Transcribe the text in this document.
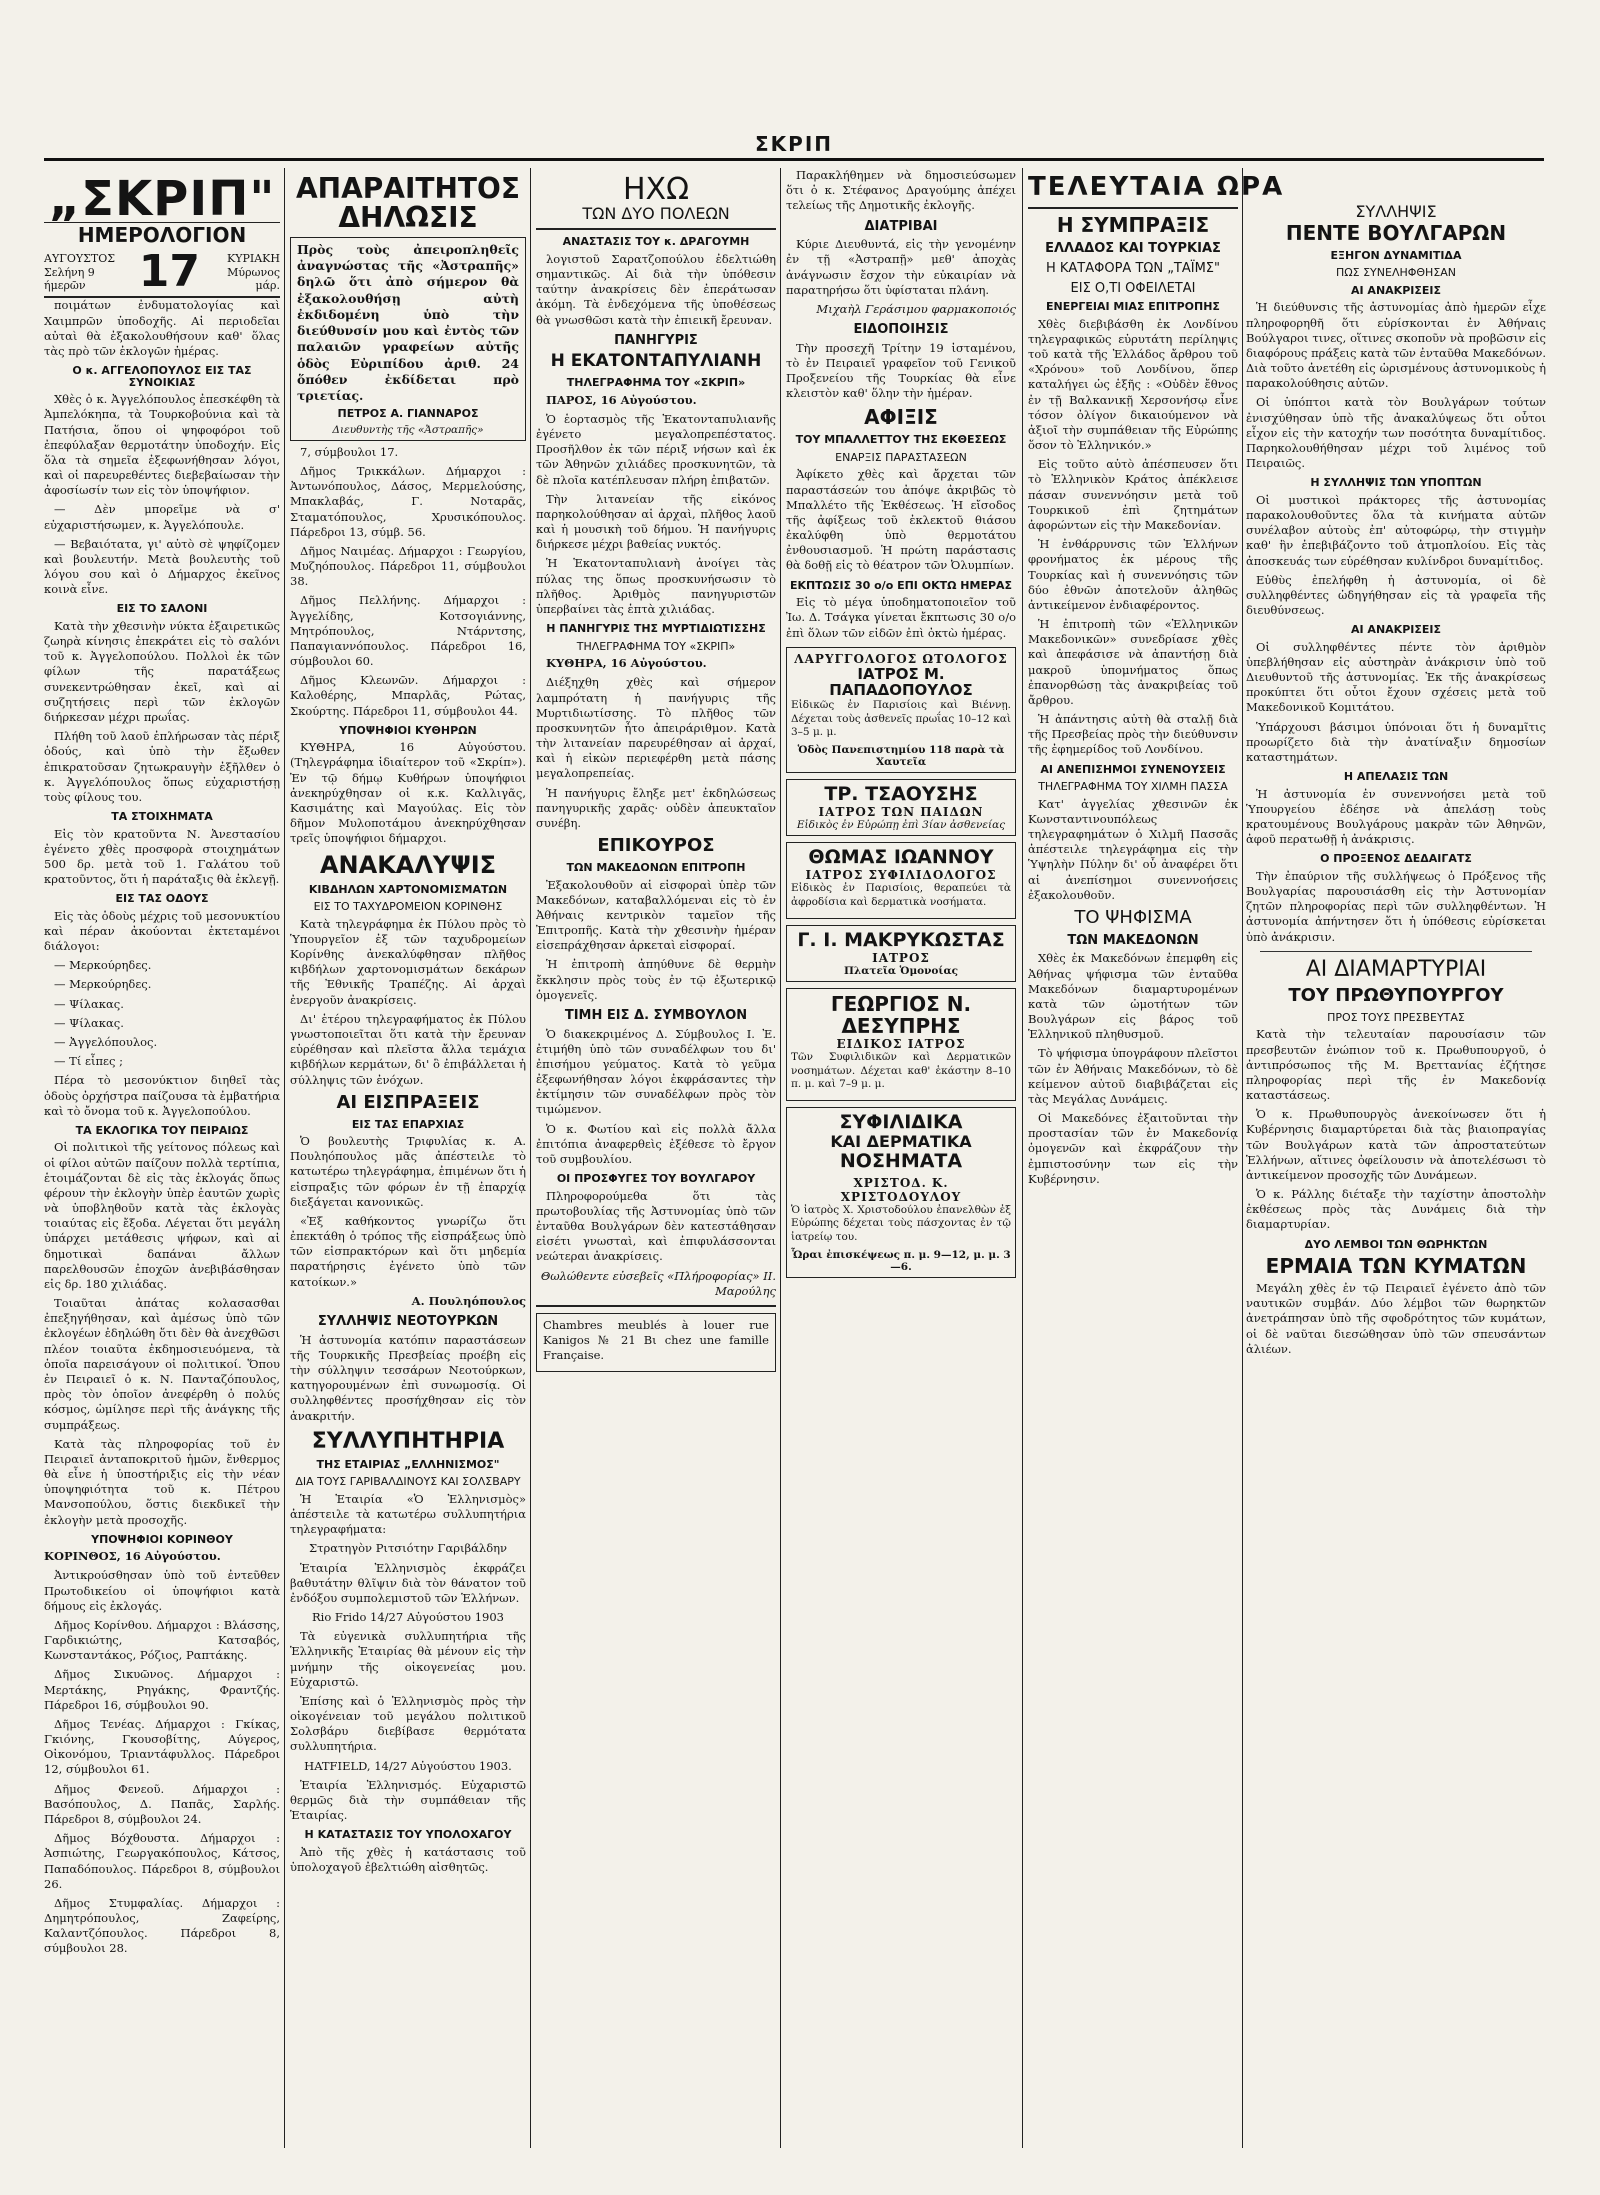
ΣΚΡΙΠ
„ΣΚΡΙΠ"
ΗΜΕΡΟΛΟΓΙΟΝ
ΑΥΓΟΥΣΤΟΣ
Σελήνη 9 ήμερῶν	17	ΚΥΡΙΑΚΗ
Μύρωνος μάρ.

ποιμάτων ἐνδυματολογίας καὶ Χαιμπρῶν ὑποδοχῆς. Αἱ περιοδεῖαι αὐταὶ θὰ ἐξακολουθήσουν καθ' ὅλας τὰς πρὸ τῶν ἐκλογῶν ἡμέρας.

Ο κ. ΑΓΓΕΛΟΠΟΥΛΟΣ ΕΙΣ ΤΑΣ ΣΥΝΟΙΚΙΑΣ

Χθὲς ὁ κ. Ἀγγελόπουλος ἐπεσκέφθη τὰ Ἀμπελόκηπα, τὰ Τουρκοβούνια καὶ τὰ Πατήσια, ὅπου οἱ ψηφοφόροι τοῦ ἐπεφύλαξαν θερμοτάτην ὑποδοχήν. Εἰς ὅλα τὰ σημεῖα ἐξεφωνήθησαν λόγοι, καὶ οἱ παρευρεθέντες διεβεβαίωσαν τὴν ἀφοσίωσίν των εἰς τὸν ὑποψήφιον.

— Δὲν μπορεῖμε νὰ σ' εὐχαριστήσωμεν, κ. Ἀγγελόπουλε.

— Βεβαιότατα, γι' αὐτὸ σὲ ψηφίζομεν καὶ βουλευτήν. Μετὰ βουλευτὴς τοῦ λόγου σου καὶ ὁ Δήμαρχος ἐκεῖνος κοινὰ εἶνε.

ΕΙΣ ΤΟ ΣΑΛΟΝΙ

Κατὰ τὴν χθεσινὴν νύκτα ἐξαιρετικῶς ζωηρὰ κίνησις ἐπεκράτει εἰς τὸ σαλόνι τοῦ κ. Ἀγγελοπούλου. Πολλοὶ ἐκ τῶν φίλων τῆς παρατάξεως συνεκεντρώθησαν ἐκεῖ, καὶ αἱ συζητήσεις περὶ τῶν ἐκλογῶν διήρκεσαν μέχρι πρωΐας.

Πλήθη τοῦ λαοῦ ἐπλήρωσαν τὰς πέριξ ὁδούς, καὶ ὑπὸ τὴν ἔξωθεν ἐπικρατοῦσαν ζητωκραυγὴν ἐξῆλθεν ὁ κ. Ἀγγελόπουλος ὅπως εὐχαριστήσῃ τοὺς φίλους του.

ΤΑ ΣΤΟΙΧΗΜΑΤΑ

Εἰς τὸν κρατοῦντα Ν. Ἀνεστασίου ἐγένετο χθὲς προσφορὰ στοιχημάτων 500 δρ. μετὰ τοῦ 1. Γαλάτου τοῦ κρατοῦντος, ὅτι ἡ παράταξις θὰ ἐκλεγῇ.

ΕΙΣ ΤΑΣ ΟΔΟΥΣ

Εἰς τὰς ὁδοὺς μέχρις τοῦ μεσονυκτίου καὶ πέραν ἀκούονται ἐκτεταμένοι διάλογοι:

— Μερκούρηδες.

— Μερκούρηδες.

— Ψίλακας.

— Ψίλακας.

— Ἀγγελόπουλος.

— Τί εἶπες ;

Πέρα τὸ μεσονύκτιον διηθεῖ τὰς ὁδοὺς ὀρχήστρα παίζουσα τὰ ἐμβατήρια καὶ τὸ ὄνομα τοῦ κ. Ἀγγελοπούλου.

ΤΑ ΕΚΛΟΓΙΚΑ ΤΟΥ ΠΕΙΡΑΙΩΣ

Οἱ πολιτικοὶ τῆς γείτονος πόλεως καὶ οἱ φίλοι αὐτῶν παίζουν πολλὰ τερτίπια, ἑτοιμάζονται δὲ εἰς τὰς ἐκλογάς ὅπως φέρουν τὴν ἐκλογὴν ὑπὲρ ἑαυτῶν χωρὶς νὰ ὑποβληθοῦν κατὰ τὰς ἐκλογὰς τοιαύτας εἰς ἔξοδα. Λέγεται ὅτι μεγάλη ὑπάρχει μετάθεσις ψήφων, καὶ αἱ δημοτικαὶ δαπάναι ἄλλων παρελθουσῶν ἐποχῶν ἀνεβιβάσθησαν εἰς δρ. 180 χιλιάδας.

Τοιαῦται ἀπάτας κολασασθαι ἐπεξηγήθησαν, καὶ ἀμέσως ὑπὸ τῶν ἐκλογέων ἐδηλώθη ὅτι δὲν θὰ ἀνεχθῶσι πλέον τοιαῦτα ἐκδημοσιευόμενα, τὰ ὁποῖα παρεισάγουν οἱ πολιτικοί. Ὅπου ἐν Πειραιεῖ ὁ κ. Ν. Πανταζόπουλος, πρὸς τὸν ὁποῖον ἀνεφέρθη ὁ πολύς κόσμος, ὡμίλησε περὶ τῆς ἀνάγκης τῆς συμπράξεως.

Κατὰ τὰς πληροφορίας τοῦ ἐν Πειραιεῖ ἀνταποκριτοῦ ἡμῶν, ἔνθερμος θὰ εἶνε ἡ ὑποστήριξις εἰς τὴν νέαν ὑποψηφιότητα τοῦ κ. Πέτρου Μανσοπούλου, ὅστις διεκδικεῖ τὴν ἐκλογὴν μετὰ προσοχῆς.

ΥΠΟΨΗΦΙΟΙ ΚΟΡΙΝΘΟΥ

ΚΟΡΙΝΘΟΣ, 16 Αὐγούστου.

Ἀντικρούσθησαν ὑπὸ τοῦ ἐντεῦθεν Πρωτοδικείου οἱ ὑποψήφιοι κατὰ δήμους εἰς ἐκλογάς.

Δῆμος Κορίνθου. Δήμαρχοι : Βλάσσης, Γαρδικιώτης, Κατσαβός, Κωνσταντάκος, Ρόζιος, Ραπτάκης.

Δῆμος Σικυῶνος. Δήμαρχοι : Μερτάκης, Ρηγάκης, Φραντζής. Πάρεδροι 16, σύμβουλοι 90.

Δῆμος Τενέας. Δήμαρχοι : Γκίκας, Γκιόνης, Γκουσοβίτης, Αύγερος, Οἰκονόμου, Τριαντάφυλλος. Πάρεδροι 12, σύμβουλοι 61.

Δῆμος Φενεοῦ. Δήμαρχοι : Βασόπουλος, Δ. Παπᾶς, Σαρλής. Πάρεδροι 8, σύμβουλοι 24.

Δῆμος Βόχθουστα. Δήμαρχοι : Ἀσπιώτης, Γεωργακόπουλος, Κάτσος, Παπαδόπουλος. Πάρεδροι 8, σύμβουλοι 26.

Δῆμος Στυμφαλίας. Δήμαρχοι : Δημητρόπουλος, Ζαφείρης, Καλαντζόπουλος. Πάρεδροι 8, σύμβουλοι 28.

ΑΠΑΡΑΙΤΗΤΟΣ ΔΗΛΩΣΙΣ
Πρὸς τοὺς ἀπειροπληθεῖς ἀναγνώστας τῆς «Ἀστραπῆς» δηλῶ ὅτι ἀπὸ σήμερον θὰ ἐξακολουθήσῃ αὐτὴ ἐκδιδομένη ὑπὸ τὴν διεύθυνσίν μου καὶ ἐντὸς τῶν παλαιῶν γραφείων αὐτῆς ὁδὸς Εὐριπίδου ἀριθ. 24 ὅπόθεν ἐκδίδεται πρὸ τριετίας.
ΠΕΤΡΟΣ Α. ΓΙΑΝΝΑΡΟΣ
Διευθυντὴς τῆς «Ἀστραπῆς»

7, σύμβουλοι 17.

Δῆμος Τρικκάλων. Δήμαρχοι : Ἀντωνόπουλος, Δάσος, Μερμελούσης, Μπακλαβάς, Γ. Νοταρᾶς, Σταματόπουλος, Χρυσικόπουλος. Πάρεδροι 13, σύμβ. 56.

Δῆμος Ναιμέας. Δήμαρχοι : Γεωργίου, Μυζηόπουλος. Πάρεδροι 11, σύμβουλοι 38.

Δῆμος Πελλήνης. Δήμαρχοι : Ἀγγελίδης, Κοτσογιάννης, Μητρόπουλος, Ντάρντσης, Παπαγιαννόπουλος. Πάρεδροι 16, σύμβουλοι 60.

Δῆμος Κλεωνῶν. Δήμαρχοι : Καλοθέρης, Μπαρλᾶς, Ρώτας, Σκούρτης. Πάρεδροι 11, σύμβουλοι 44.

ΥΠΟΨΗΦΙΟΙ ΚΥΘΗΡΩΝ

ΚΥΘΗΡΑ, 16 Αὐγούστου. (Τηλεγράφημα ἰδιαίτερον τοῦ «Σκρίπ»). Ἐν τῷ δήμῳ Κυθήρων ὑποψήφιοι ἀνεκηρύχθησαν οἱ κ.κ. Καλλιγᾶς, Κασιμάτης καὶ Μαγούλας. Εἰς τὸν δῆμον Μυλοποτάμου ἀνεκηρύχθησαν τρεῖς ὑποψήφιοι δήμαρχοι.

ΑΝΑΚΑΛΥΨΙΣ
ΚΙΒΔΗΛΩΝ ΧΑΡΤΟΝΟΜΙΣΜΑΤΩΝ
ΕΙΣ ΤΟ ΤΑΧΥΔΡΟΜΕΙΟΝ ΚΟΡΙΝΘΗΣ

Κατὰ τηλεγράφημα ἐκ Πύλου πρὸς τὸ Ὑπουργεῖον ἐξ τῶν ταχυδρομείων Κορίνθης ἀνεκαλύφθησαν πλῆθος κιβδήλων χαρτονομισμάτων δεκάρων τῆς Ἐθνικῆς Τραπέζης. Αἱ ἀρχαὶ ἐνεργοῦν ἀνακρίσεις.

Δι' ἑτέρου τηλεγραφήματος ἐκ Πύλου γνωστοποιεῖται ὅτι κατὰ τὴν ἔρευναν εὑρέθησαν καὶ πλεῖστα ἄλλα τεμάχια κιβδήλων κερμάτων, δι' ὃ ἐπιβάλλεται ἡ σύλληψις τῶν ἐνόχων.

ΑΙ ΕΙΣΠΡΑΞΕΙΣ
ΕΙΣ ΤΑΣ ΕΠΑΡΧΙΑΣ

Ὁ βουλευτὴς Τριφυλίας κ. Α. Πουληόπουλος μᾶς ἀπέστειλε τὸ κατωτέρω τηλεγράφημα, ἐπιμένων ὅτι ἡ εἰσπραξις τῶν φόρων ἐν τῇ ἐπαρχίᾳ διεξάγεται κανονικῶς.

«Ἐξ καθήκοντος γνωρίζω ὅτι ἐπεκτάθη ὁ τρόπος τῆς εἰσπράξεως ὑπὸ τῶν εἰσπρακτόρων καὶ ὅτι μηδεμία παρατήρησις ἐγένετο ὑπὸ τῶν κατοίκων.»

Α. Πουληόπουλος

ΣΥΛΛΗΨΙΣ ΝΕΟΤΟΥΡΚΩΝ

Ἡ ἀστυνομία κατόπιν παραστάσεων τῆς Τουρκικῆς Πρεσβείας προέβη εἰς τὴν σύλληψιν τεσσάρων Νεοτούρκων, κατηγορουμένων ἐπὶ συνωμοσίᾳ. Οἱ συλληφθέντες προσήχθησαν εἰς τὸν ἀνακριτήν.

ΣΥΛΛΥΠΗΤΗΡΙΑ
ΤΗΣ ΕΤΑΙΡΙΑΣ „ΕΛΛΗΝΙΣΜΟΣ"
ΔΙΑ ΤΟΥΣ ΓΑΡΙΒΑΛΔΙΝΟΥΣ ΚΑΙ ΣΟΛΣΒΑΡΥ

Ἡ Ἑταιρία «Ὁ Ἑλληνισμὸς» ἀπέστειλε τὰ κατωτέρω συλλυπητήρια τηλεγραφήματα:

Στρατηγὸν Ριτσιότην Γαριβάλδην

Ἑταιρία Ἑλληνισμὸς ἐκφράζει βαθυτάτην θλῖψιν διὰ τὸν θάνατον τοῦ ἐνδόξου συμπολεμιστοῦ τῶν Ἑλλήνων.

Rio Frido 14/27 Αὐγούστου 1903

Τὰ εὐγενικὰ συλλυπητήρια τῆς Ἑλληνικῆς Ἑταιρίας θὰ μένουν εἰς τὴν μνήμην τῆς οἰκογενείας μου. Εὐχαριστῶ.

Ἐπίσης καὶ ὁ Ἑλληνισμὸς πρὸς τὴν οἰκογένειαν τοῦ μεγάλου πολιτικοῦ Σολσβάρυ διεβίβασε θερμότατα συλλυπητήρια.

HATFIELD, 14/27 Αὐγούστου 1903.

Ἑταιρία Ἑλληνισμός. Εὐχαριστῶ θερμῶς διὰ τὴν συμπάθειαν τῆς Ἑταιρίας.

Η ΚΑΤΑΣΤΑΣΙΣ ΤΟΥ ΥΠΟΛΟΧΑΓΟΥ

Ἀπὸ τῆς χθὲς ἡ κατάστασις τοῦ ὑπολοχαγοῦ ἐβελτιώθη αἰσθητῶς.

ΗΧΩ
ΤΩΝ ΔΥΟ ΠΟΛΕΩΝ
ΑΝΑΣΤΑΣΙΣ ΤΟΥ κ. ΔΡΑΓΟΥΜΗ

λογιστοῦ Σαρατζοπούλου ἐδελτιώθη σημαντικῶς. Αἱ διὰ τὴν ὑπόθεσιν ταύτην ἀνακρίσεις δὲν ἐπεράτωσαν ἀκόμη. Τὰ ἐνδεχόμενα τῆς ὑποθέσεως θὰ γνωσθῶσι κατὰ τὴν ἐπιεικῆ ἔρευναν.

ΠΑΝΗΓΥΡΙΣ
Η ΕΚΑΤΟΝΤΑΠΥΛΙΑΝΗ
ΤΗΛΕΓΡΑΦΗΜΑ ΤΟΥ «ΣΚΡΙΠ»

ΠΑΡΟΣ, 16 Αὐγούστου.

Ὁ ἑορτασμὸς τῆς Ἑκατονταπυλιανῆς ἐγένετο μεγαλοπρεπέστατος. Προσῆλθον ἐκ τῶν πέριξ νήσων καὶ ἐκ τῶν Ἀθηνῶν χιλιάδες προσκυνητῶν, τὰ δὲ πλοῖα κατέπλευσαν πλήρη ἐπιβατῶν.

Τὴν λιτανείαν τῆς εἰκόνος παρηκολούθησαν αἱ ἀρχαὶ, πλῆθος λαοῦ καὶ ἡ μουσικὴ τοῦ δήμου. Ἡ πανήγυρις διήρκεσε μέχρι βαθείας νυκτός.

Ἡ Ἑκατονταπυλιανὴ ἀνοίγει τὰς πύλας της ὅπως προσκυνήσωσιν τὸ πλῆθος. Ἀριθμὸς πανηγυριστῶν ὑπερβαίνει τὰς ἑπτὰ χιλιάδας.

Η ΠΑΝΗΓΥΡΙΣ ΤΗΣ ΜΥΡΤΙΔΙΩΤΙΣΣΗΣ
ΤΗΛΕΓΡΑΦΗΜΑ ΤΟΥ «ΣΚΡΙΠ»

ΚΥΘΗΡΑ, 16 Αὐγούστου.

Διέξηχθη χθὲς καὶ σήμερον λαμπρότατη ἡ πανήγυρις τῆς Μυρτιδιωτίσσης. Τὸ πλῆθος τῶν προσκυνητῶν ἦτο ἀπειράριθμον. Κατὰ τὴν λιτανείαν παρευρέθησαν αἱ ἀρχαί, καὶ ἡ εἰκὼν περιεφέρθη μετὰ πάσης μεγαλοπρεπείας.

Ἡ πανήγυρις ἔληξε μετ' ἐκδηλώσεως πανηγυρικῆς χαρᾶς· οὐδὲν ἀπευκταῖον συνέβη.

ΕΠΙΚΟΥΡΟΣ
ΤΩΝ ΜΑΚΕΔΟΝΩΝ ΕΠΙΤΡΟΠΗ

Ἐξακολουθοῦν αἱ εἰσφοραὶ ὑπὲρ τῶν Μακεδόνων, καταβαλλόμεναι εἰς τὸ ἐν Ἀθήναις κεντρικὸν ταμεῖον τῆς Ἐπιτροπῆς. Κατὰ τὴν χθεσινὴν ἡμέραν εἰσεπράχθησαν ἀρκεταὶ εἰσφοραί.

Ἡ ἐπιτροπὴ ἀπηύθυνε δὲ θερμὴν ἔκκλησιν πρὸς τοὺς ἐν τῷ ἐξωτερικῷ ὁμογενεῖς.

ΤΙΜΗ ΕΙΣ Δ. ΣΥΜΒΟΥΛΟΝ

Ὁ διακεκριμένος Δ. Σύμβουλος Ι. Ἐ. ἐτιμήθη ὑπὸ τῶν συναδέλφων του δι' ἐπισήμου γεύματος. Κατὰ τὸ γεῦμα ἐξεφωνήθησαν λόγοι ἐκφράσαντες τὴν ἐκτίμησιν τῶν συναδέλφων πρὸς τὸν τιμώμενον.

Ὁ κ. Φωτίου καὶ εἰς πολλὰ ἄλλα ἐπιτόπια ἀναφερθεὶς ἐξέθεσε τὸ ἔργον τοῦ συμβουλίου.

ΟΙ ΠΡΟΣΦΥΓΕΣ ΤΟΥ ΒΟΥΛΓΑΡΟΥ

Πληροφορούμεθα ὅτι τὰς πρωτοβουλίας τῆς Ἀστυνομίας ὑπὸ τῶν ἐνταῦθα Βουλγάρων δὲν κατεστάθησαν εἰσέτι γνωσταὶ, καὶ ἐπιφυλάσσονται νεώτεραι ἀνακρίσεις.

Θωλώθεντε εὐσεβεῖς «Πλήροφορίας» ΙΙ. Μαρούλης

Chambres meublés à louer rue Kanigos № 21 Bι chez une famille Française.

Παρακλήθημεν νὰ δημοσιεύσωμεν ὅτι ὁ κ. Στέφανος Δραγούμης ἀπέχει τελείως τῆς Δημοτικῆς ἐκλογῆς.

ΔΙΑΤΡΙΒΑΙ

Κύριε Διευθυντά, εἰς τὴν γενομένην ἐν τῇ «Ἀστραπῇ» μεθ' ἀποχὰς ἀνάγνωσιν ἔσχον τὴν εὐκαιρίαν νὰ παρατηρήσω ὅτι ὑφίσταται πλάνη.

Μιχαὴλ Γεράσιμου φαρμακοποιός

ΕΙΔΟΠΟΙΗΣΙΣ

Τὴν προσεχῆ Τρίτην 19 ἰσταμένου, τὸ ἐν Πειραιεῖ γραφεῖον τοῦ Γενικοῦ Προξενείου τῆς Τουρκίας θὰ εἶνε κλειστὸν καθ' ὅλην τὴν ἡμέραν.

ΑΦΙΞΙΣ
ΤΟΥ ΜΠΑΛΛΕΤΤΟΥ ΤΗΣ ΕΚΘΕΣΕΩΣ
ΕΝΑΡΞΙΣ ΠΑΡΑΣΤΑΣΕΩΝ

Ἀφίκετο χθὲς καὶ ἄρχεται τῶν παραστάσεών του ἀπόψε ἀκριβῶς τὸ Μπαλλέτο τῆς Ἐκθέσεως. Ἡ εἴσοδος τῆς ἀφίξεως τοῦ ἐκλεκτοῦ θιάσου ἐκαλύφθη ὑπὸ θερμοτάτου ἐνθουσιασμοῦ. Ἡ πρώτη παράστασις θὰ δοθῇ εἰς τὸ θέατρον τῶν Ὀλυμπίων.

ΕΚΠΤΩΣΙΣ 30 ο/ο ΕΠΙ ΟΚΤΩ ΗΜΕΡΑΣ

Εἰς τὸ μέγα ὑποδηματοποιεῖον τοῦ Ἰω. Δ. Τσάγκα γίνεται ἔκπτωσις 30 ο/ο ἐπὶ ὅλων τῶν εἰδῶν ἐπὶ ὀκτὼ ἡμέρας.

ΛΑΡΥΓΓΟΛΟΓΟΣ ΩΤΟΛΟΓΟΣ
ΙΑΤΡΟΣ Μ. ΠΑΠΑΔΟΠΟΥΛΟΣ

Εἰδικῶς ἐν Παρισίοις καὶ Βιέννῃ. Δέχεται τοὺς ἀσθενεῖς πρωΐας 10–12 καὶ 3–5 μ. μ.

Ὁδὸς Πανεπιστημίου 118 παρὰ τὰ Χαυτεῖα
ΤΡ. ΤΣΑΟΥΣΗΣ
ΙΑΤΡΟΣ ΤΩΝ ΠΑΙΔΩΝ
Εἰδικὸς ἐν Εὐρώπῃ ἐπὶ 3ίαν ἀσθενείας
ΘΩΜΑΣ ΙΩΑΝΝΟΥ
ΙΑΤΡΟΣ ΣΥΦΙΛΙΔΟΛΟΓΟΣ

Εἰδικὸς ἐν Παρισίοις, θεραπεύει τὰ ἀφροδίσια καὶ δερματικὰ νοσήματα.

Γ. Ι. ΜΑΚΡΥΚΩΣΤΑΣ
ΙΑΤΡΟΣ
Πλατεῖα Ὁμονοίας
ΓΕΩΡΓΙΟΣ Ν. ΔΕΣΥΠΡΗΣ
ΕΙΔΙΚΟΣ ΙΑΤΡΟΣ

Τῶν Συφιλιδικῶν καὶ Δερματικῶν νοσημάτων. Δέχεται καθ' ἑκάστην 8–10 π. μ. καὶ 7–9 μ. μ.

ΣΥΦΙΛΙΔΙΚΑ
ΚΑΙ ΔΕΡΜΑΤΙΚΑ
ΝΟΣΗΜΑΤΑ
ΧΡΙΣΤΟΔ. Κ. ΧΡΙΣΤΟΔΟΥΛΟΥ

Ὁ ἰατρὸς Χ. Χριστοδούλου ἐπανελθὼν ἐξ Εὐρώπης δέχεται τοὺς πάσχοντας ἐν τῷ ἰατρείῳ του.

Ὧραι ἐπισκέψεως π. μ. 9—12, μ. μ. 3—6.
ΤΕΛΕΥΤΑΙΑ ΩΡΑ
Η ΣΥΜΠΡΑΞΙΣ
ΕΛΛΑΔΟΣ ΚΑΙ ΤΟΥΡΚΙΑΣ
Η ΚΑΤΑΦΟΡΑ ΤΩΝ „ΤΑΪΜΣ"
ΕΙΣ Ο,ΤΙ ΟΦΕΙΛΕΤΑΙ
ΕΝΕΡΓΕΙΑΙ ΜΙΑΣ ΕΠΙΤΡΟΠΗΣ

Χθὲς διεβιβάσθη ἐκ Λονδίνου τηλεγραφικῶς εὐρυτάτη περίληψις τοῦ κατὰ τῆς Ἑλλάδος ἄρθρου τοῦ «Χρόνου» τοῦ Λονδίνου, ὅπερ καταλήγει ὡς ἑξῆς : «Οὐδὲν ἔθνος ἐν τῇ Βαλκανικῇ Χερσονήσῳ εἶνε τόσον ὀλίγον δικαιούμενον νὰ ἀξιοῖ τὴν συμπάθειαν τῆς Εὐρώπης ὅσον τὸ Ἑλληνικόν.»

Εἰς τοῦτο αὐτὸ ἀπέσπευσεν ὅτι τὸ Ἑλληνικὸν Κράτος ἀπέκλεισε πάσαν συνεννόησιν μετὰ τοῦ Τουρκικοῦ ἐπὶ ζητημάτων ἀφορώντων εἰς τὴν Μακεδονίαν.

Ἡ ἐνθάρρυνσις τῶν Ἑλλήνων φρονήματος ἐκ μέρους τῆς Τουρκίας καὶ ἡ συνεννόησις τῶν δύο ἐθνῶν ἀποτελοῦν ἀληθῶς ἀντικείμενον ἐνδιαφέροντος.

Ἡ ἐπιτροπὴ τῶν «Ἑλληνικῶν Μακεδονικῶν» συνεδρίασε χθὲς καὶ ἀπεφάσισε νὰ ἀπαντήσῃ διὰ μακροῦ ὑπομνήματος ὅπως ἐπανορθώσῃ τὰς ἀνακριβείας τοῦ ἄρθρου.

Ἡ ἀπάντησις αὐτὴ θὰ σταλῇ διὰ τῆς Πρεσβείας πρὸς τὴν διεύθυνσιν τῆς ἐφημερίδος τοῦ Λονδίνου.

ΑΙ ΑΝΕΠΙΣΗΜΟΙ ΣΥΝΕΝΟΥΣΕΙΣ
ΤΗΛΕΓΡΑΦΗΜΑ ΤΟΥ ΧΙΛΜΗ ΠΑΣΣΑ

Κατ' ἀγγελίας χθεσινῶν ἐκ Κωνσταντινουπόλεως τηλεγραφημάτων ὁ Χιλμῆ Πασσᾶς ἀπέστειλε τηλεγράφημα εἰς τὴν Ὑψηλὴν Πύλην δι' οὗ ἀναφέρει ὅτι αἱ ἀνεπίσημοι συνεννοήσεις ἐξακολουθοῦν.

ΤΟ ΨΗΦΙΣΜΑ
ΤΩΝ ΜΑΚΕΔΟΝΩΝ

Χθὲς ἐκ Μακεδόνων ἐπεμφθη εἰς Ἀθήνας ψήφισμα τῶν ἐνταῦθα Μακεδόνων διαμαρτυρομένων κατὰ τῶν ὠμοτήτων τῶν Βουλγάρων εἰς βάρος τοῦ Ἑλληνικοῦ πληθυσμοῦ.

Τὸ ψήφισμα ὑπογράφουν πλεῖστοι τῶν ἐν Ἀθήναις Μακεδόνων, τὸ δὲ κείμενον αὐτοῦ διαβιβάζεται εἰς τὰς Μεγάλας Δυνάμεις.

Οἱ Μακεδόνες ἐξαιτοῦνται τὴν προστασίαν τῶν ἐν Μακεδονίᾳ ὁμογενῶν καὶ ἐκφράζουν τὴν ἐμπιστοσύνην των εἰς τὴν Κυβέρνησιν.

ΣΥΛΛΗΨΙΣ
ΠΕΝΤΕ ΒΟΥΛΓΑΡΩΝ
ΕΞΗΓΟΝ ΔΥΝΑΜΙΤΙΔΑ
ΠΩΣ ΣΥΝΕΛΗΦΘΗΣΑΝ
ΑΙ ΑΝΑΚΡΙΣΕΙΣ

Ἡ διεύθυνσις τῆς ἀστυνομίας ἀπὸ ἡμερῶν εἶχε πληροφορηθῆ ὅτι εὑρίσκονται ἐν Ἀθήναις Βούλγαροι τινες, οἵτινες σκοποῦν νὰ προβῶσιν εἰς διαφόρους πράξεις κατὰ τῶν ἐνταῦθα Μακεδόνων. Διὰ τοῦτο ἀνετέθη εἰς ὡρισμένους ἀστυνομικοὺς ἡ παρακολούθησις αὐτῶν.

Οἱ ὑπόπτοι κατὰ τὸν Βουλγάρων τούτων ἐνισχύθησαν ὑπὸ τῆς ἀνακαλύψεως ὅτι οὗτοι εἶχον εἰς τὴν κατοχήν των ποσότητα δυναμίτιδος. Παρηκολουθήθησαν μέχρι τοῦ λιμένος τοῦ Πειραιῶς.

Η ΣΥΛΛΗΨΙΣ ΤΩΝ ΥΠΟΠΤΩΝ

Οἱ μυστικοὶ πράκτορες τῆς ἀστυνομίας παρακολουθοῦντες ὅλα τὰ κινήματα αὐτῶν συνέλαβον αὐτοὺς ἐπ' αὐτοφώρῳ, τὴν στιγμὴν καθ' ἣν ἐπεβιβάζοντο τοῦ ἀτμοπλοίου. Εἰς τὰς ἀποσκευάς των εὑρέθησαν κυλίνδροι δυναμίτιδος.

Εὐθὺς ἐπελήφθη ἡ ἀστυνομία, οἱ δὲ συλληφθέντες ὡδηγήθησαν εἰς τὰ γραφεῖα τῆς διευθύνσεως.

ΑΙ ΑΝΑΚΡΙΣΕΙΣ

Οἱ συλληφθέντες πέντε τὸν ἀριθμὸν ὑπεβλήθησαν εἰς αὐστηρὰν ἀνάκρισιν ὑπὸ τοῦ Διευθυντοῦ τῆς ἀστυνομίας. Ἐκ τῆς ἀνακρίσεως προκύπτει ὅτι οὗτοι ἔχουν σχέσεις μετὰ τοῦ Μακεδονικοῦ Κομιτάτου.

Ὑπάρχουσι βάσιμοι ὑπόνοιαι ὅτι ἡ δυναμῖτις προωρίζετο διὰ τὴν ἀνατίναξιν δημοσίων καταστημάτων.

Η ΑΠΕΛΑΣΙΣ ΤΩΝ

Ἡ ἀστυνομία ἐν συνεννοήσει μετὰ τοῦ Ὑπουργείου ἐδέησε νὰ ἀπελάσῃ τοὺς κρατουμένους Βουλγάρους μακρὰν τῶν Ἀθηνῶν, ἀφοῦ περατωθῇ ἡ ἀνάκρισις.

Ο ΠΡΟΞΕΝΟΣ ΔΕΔΑΙΓΑΤΣ

Τὴν ἐπαύριον τῆς συλλήψεως ὁ Πρόξενος τῆς Βουλγαρίας παρουσιάσθη εἰς τὴν Ἀστυνομίαν ζητῶν πληροφορίας περὶ τῶν συλληφθέντων. Ἡ ἀστυνομία ἀπήντησεν ὅτι ἡ ὑπόθεσις εὑρίσκεται ὑπὸ ἀνάκρισιν.

ΑΙ ΔΙΑΜΑΡΤΥΡΙΑΙ
ΤΟΥ ΠΡΩΘΥΠΟΥΡΓΟΥ
ΠΡΟΣ ΤΟΥΣ ΠΡΕΣΒΕΥΤΑΣ

Κατὰ τὴν τελευταίαν παρουσίασιν τῶν πρεσβευτῶν ἐνώπιον τοῦ κ. Πρωθυπουργοῦ, ὁ ἀντιπρόσωπος τῆς Μ. Βρεττανίας ἐζήτησε πληροφορίας περὶ τῆς ἐν Μακεδονίᾳ καταστάσεως.

Ὁ κ. Πρωθυπουργὸς ἀνεκοίνωσεν ὅτι ἡ Κυβέρνησις διαμαρτύρεται διὰ τὰς βιαιοπραγίας τῶν Βουλγάρων κατὰ τῶν ἀπροστατεύτων Ἑλλήνων, αἵτινες ὀφείλουσιν νὰ ἀποτελέσωσι τὸ ἀντικείμενον προσοχῆς τῶν Δυνάμεων.

Ὁ κ. Ράλλης διέταξε τὴν ταχίστην ἀποστολὴν ἐκθέσεως πρὸς τὰς Δυνάμεις διὰ τὴν διαμαρτυρίαν.

ΔΥΟ ΛΕΜΒΟΙ ΤΩΝ ΘΩΡΗΚΤΩΝ
ΕΡΜΑΙΑ ΤΩΝ ΚΥΜΑΤΩΝ

Μεγάλη χθὲς ἐν τῷ Πειραιεῖ ἐγένετο ἀπὸ τῶν ναυτικῶν συμβάν. Δύο λέμβοι τῶν θωρηκτῶν ἀνετράπησαν ὑπὸ τῆς σφοδρότητος τῶν κυμάτων, οἱ δὲ ναῦται διεσώθησαν ὑπὸ τῶν σπευσάντων ἀλιέων.
